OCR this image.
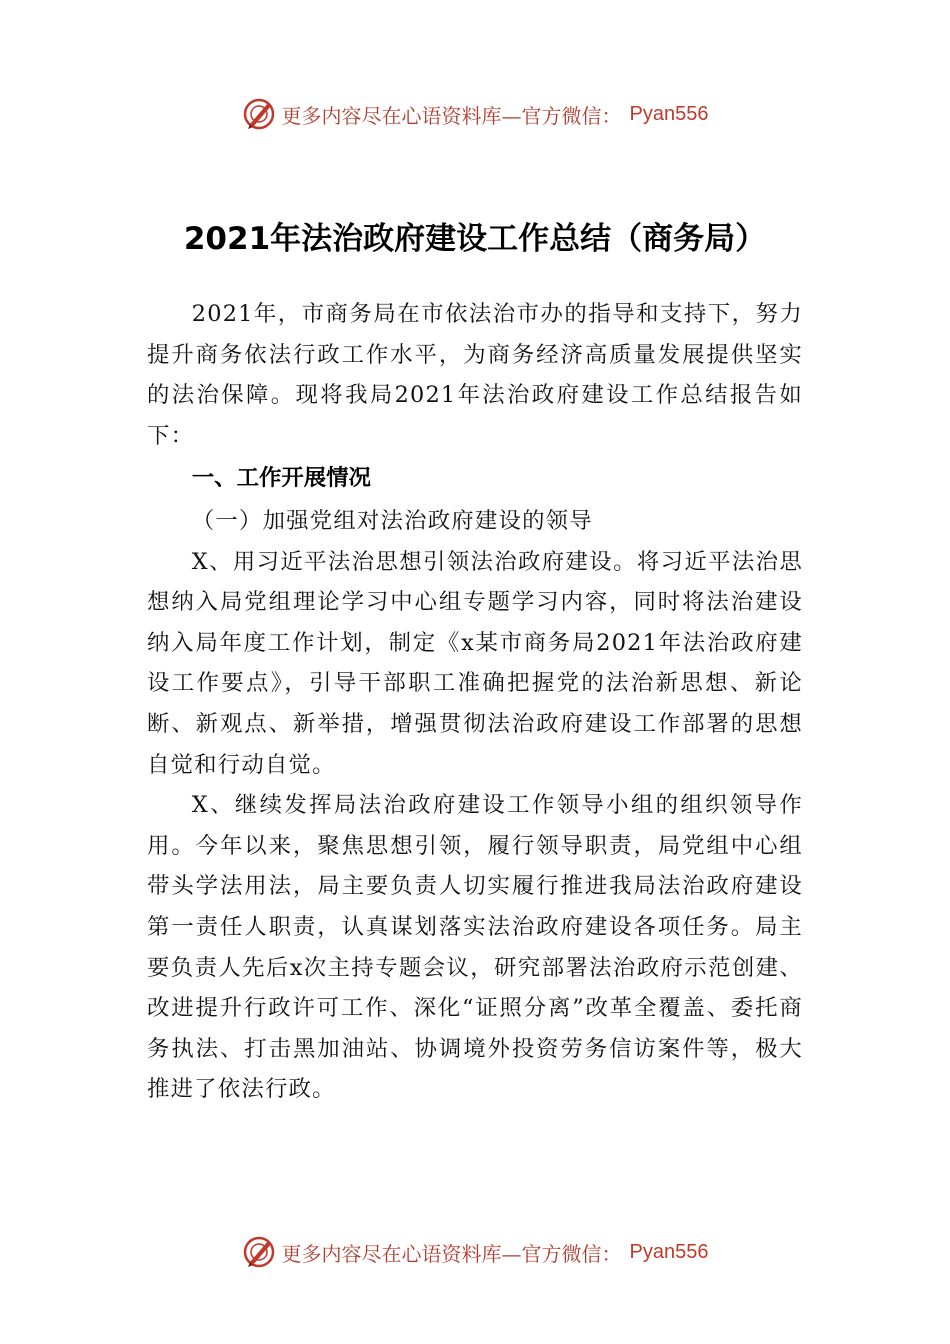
更多内容尽在心语资料库—官方微信： Pyan556
2021年法治政府建设工作总结（商务局）

2021年，市商务局在市依法治市办的指导和支持下，努力提升商务依法行政工作水平，为商务经济高质量发展提供坚实的法治保障。现将我局2021年法治政府建设工作总结报告如下：

一、工作开展情况

（一）加强党组对法治政府建设的领导

X、用习近平法治思想引领法治政府建设。将习近平法治思想纳入局党组理论学习中心组专题学习内容，同时将法治建设纳入局年度工作计划，制定《x某市商务局2021年法治政府建设工作要点》，引导干部职工准确把握党的法治新思想、新论断、新观点、新举措，增强贯彻法治政府建设工作部署的思想自觉和行动自觉。

X、继续发挥局法治政府建设工作领导小组的组织领导作用。今年以来，聚焦思想引领，履行领导职责，局党组中心组带头学法用法，局主要负责人切实履行推进我局法治政府建设第一责任人职责，认真谋划落实法治政府建设各项任务。局主要负责人先后x次主持专题会议，研究部署法治政府示范创建、改进提升行政许可工作、深化“证照分离”改革全覆盖、委托商务执法、打击黑加油站、协调境外投资劳务信访案件等，极大推进了依法行政。

更多内容尽在心语资料库—官方微信： Pyan556
